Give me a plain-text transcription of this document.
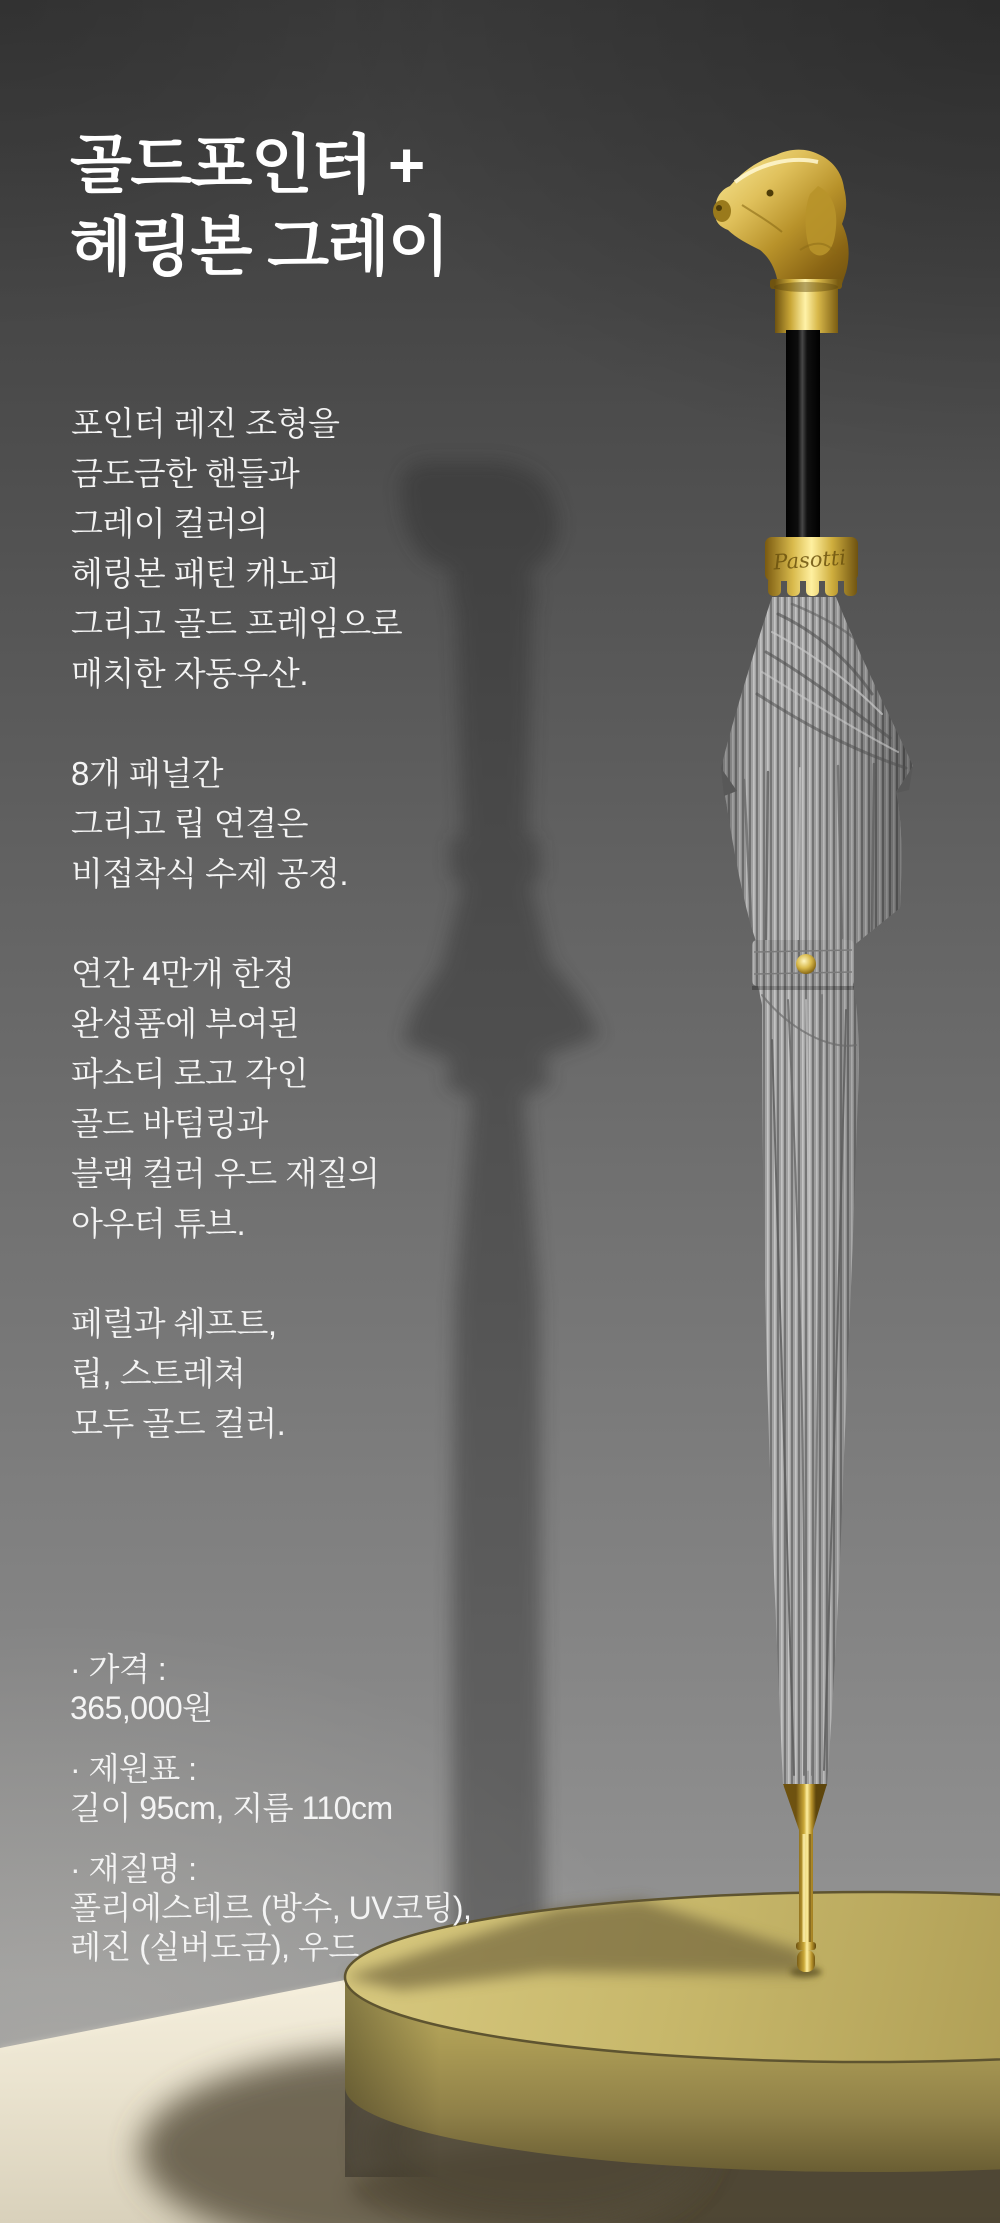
Pasotti
골드포인터 +
헤링본 그레이

포인터 레진 조형을
금도금한 핸들과
그레이 컬러의
헤링본 패턴 캐노피
그리고 골드 프레임으로
매치한 자동우산.

8개 패널간
그리고 립 연결은
비접착식 수제 공정.

연간 4만개 한정
완성품에 부여된
파소티 로고 각인
골드 바텀링과
블랙 컬러 우드 재질의
아우터 튜브.

페럴과 쉐프트,
립, 스트레쳐
모두 골드 컬러.

· 가격 :
365,000원
· 제원표 :
길이 95cm, 지름 110cm
· 재질명 :
폴리에스테르 (방수, UV코팅),
레진 (실버도금), 우드
